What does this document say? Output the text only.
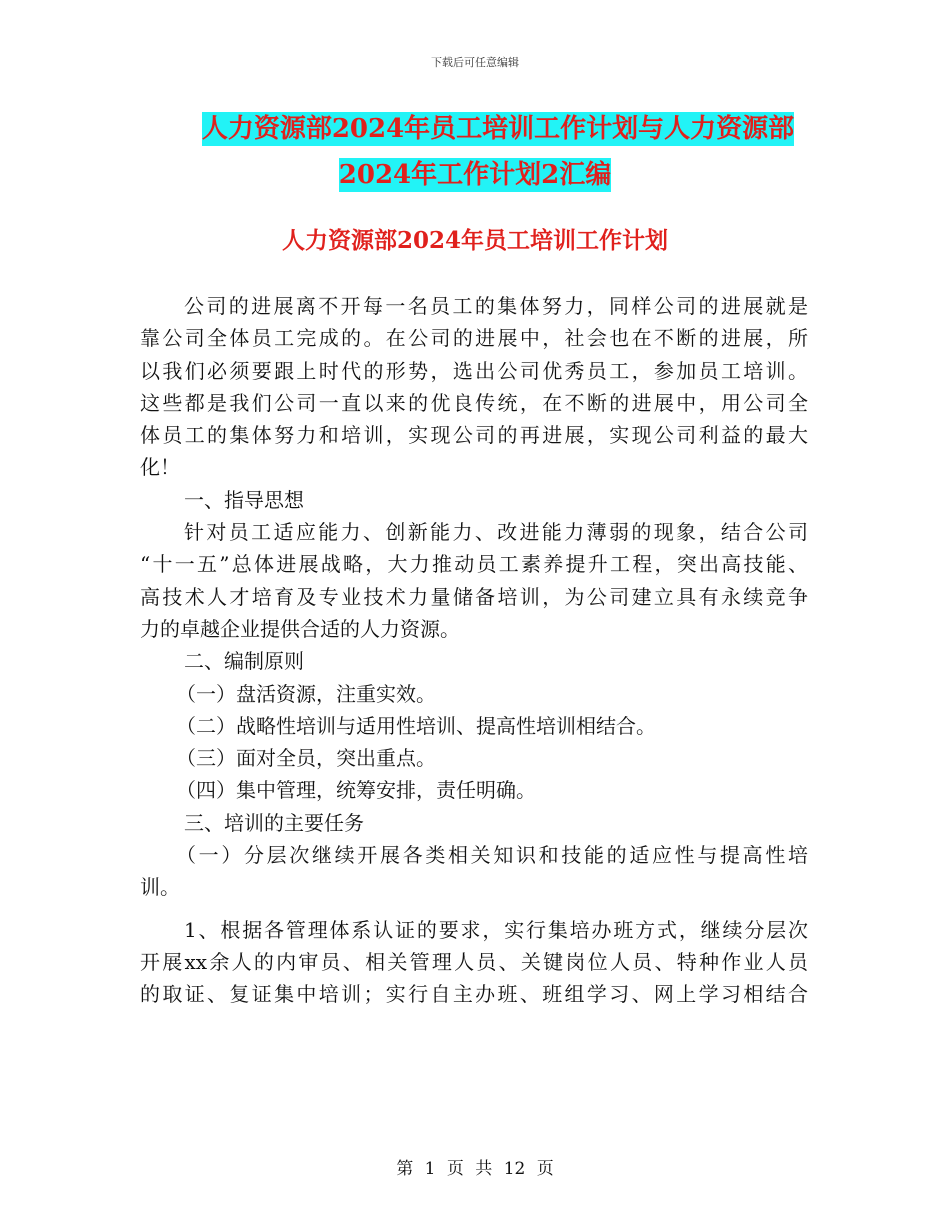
下载后可任意编辑
人力资源部2024年员工培训工作计划与人力资源部
2024年工作计划2汇编
人力资源部2024年员工培训工作计划
公司的进展离不开每一名员工的集体努力，同样公司的进展就是
靠公司全体员工完成的。在公司的进展中，社会也在不断的进展，所
以我们必须要跟上时代的形势，选出公司优秀员工，参加员工培训。
这些都是我们公司一直以来的优良传统，在不断的进展中，用公司全
体员工的集体努力和培训，实现公司的再进展，实现公司利益的最大
化！
一、指导思想
针对员工适应能力、创新能力、改进能力薄弱的现象，结合公司
“十一五”总体进展战略，大力推动员工素养提升工程，突出高技能、
高技术人才培育及专业技术力量储备培训，为公司建立具有永续竞争
力的卓越企业提供合适的人力资源。
二、编制原则
（一）盘活资源，注重实效。
（二）战略性培训与适用性培训、提高性培训相结合。
（三）面对全员，突出重点。
（四）集中管理，统筹安排，责任明确。
三、培训的主要任务
（一）分层次继续开展各类相关知识和技能的适应性与提高性培
训。
1、根据各管理体系认证的要求，实行集培办班方式，继续分层次
开展xx余人的内审员、相关管理人员、关键岗位人员、特种作业人员
的取证、复证集中培训；实行自主办班、班组学习、网上学习相结合
第 1 页 共 12 页
